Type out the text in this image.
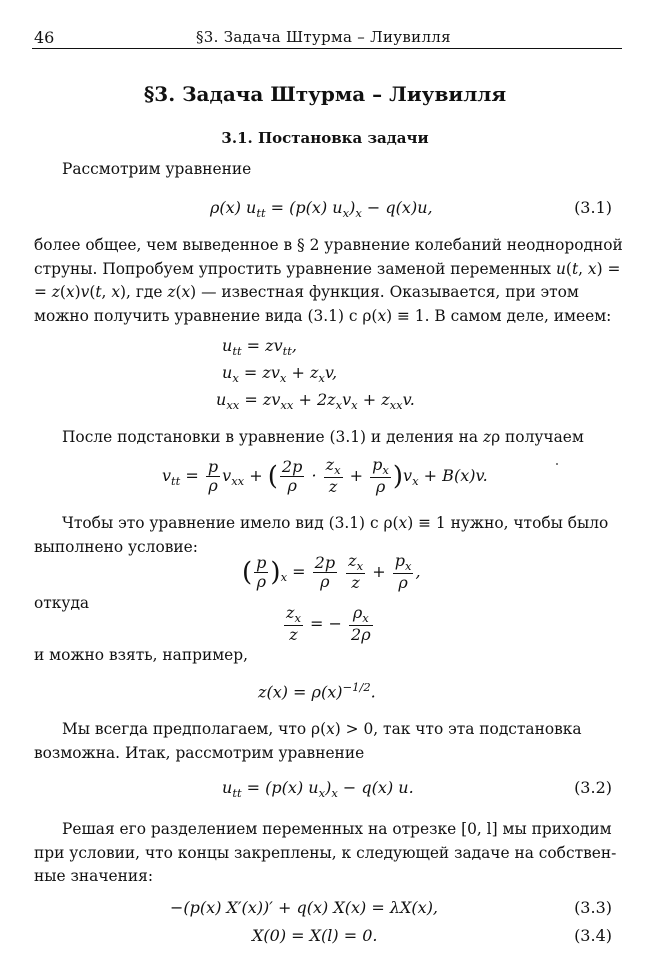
46	§3. Задача Штурма – Лиувилля
§3. Задача Штурма – Лиувилля
3.1. Постановка задачи
Рассмотрим уравнение
ρ(x) $u_{tt} = (p(x) u_x)_x - q(x)u$,	(3.1)
более общее, чем выведенное в § 2 уравнение колебаний неоднородной
струны. Попробуем упростить уравнение заменой переменных u(t, x) =
= z(x)v(t, x), где z(x) — известная функция. Оказывается, при этом
можно получить уравнение вида (3.1) с ρ(x) ≡ 1. В самом деле, имеем:
$u_{tt} = zv_{tt}$,
$u_x = zv_x + z_xv$,
$u_{xx} = zv_{xx} + 2z_xv_x + z_{xx}v$.
После подстановки в уравнение (3.1) и деления на zρ получаем
$v_{tt} = \frac{p}{\rho} v_{xx}$ + ( $\frac{2p}{\rho} \cdot \frac{z_x}{z} + \frac{p_x}{\rho} )v_x + B(x)v$.
Чтобы это уравнение имело вид (3.1) с ρ(x) ≡ 1 нужно, чтобы было
выполнено условие:
( $\frac{p}{\rho} )_x = \frac{2p}{\rho}$
$\frac{z_x}{z} + \frac{p_x}{\rho}$ ,
откуда
$\frac{z_x}{z}$ = − $\frac{\rho_x}{2\rho}$
и можно взять, например,
$z(x) = \rho(x)^{-1/2}$.
Мы всегда предполагаем, что ρ(x) > 0, так что эта подстановка
возможна. Итак, рассмотрим уравнение
$u_{tt} = (p(x) u_x)_x - q(x)$ u.	(3.2)
Решая его разделением переменных на отрезке [0, l] мы приходим
при условии, что концы закреплены, к следующей задаче на собствен-
ные значения:
−(p(x) X′(x))′ + q(x) X(x) = λX(x),	(3.3)
X(0) = X(l) = 0.	(3.4)
